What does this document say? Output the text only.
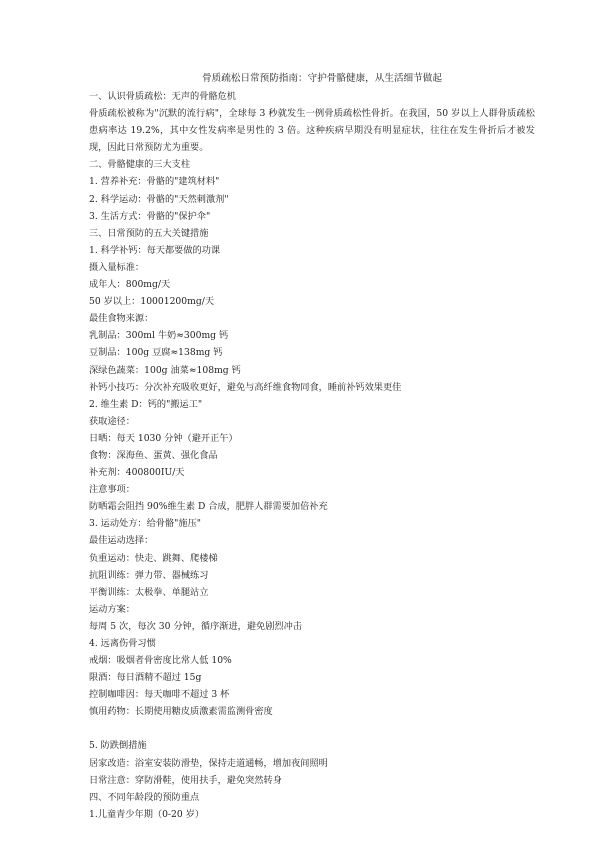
骨质疏松日常预防指南：守护骨骼健康，从生活细节做起
一、认识骨质疏松：无声的骨骼危机
骨质疏松被称为"沉默的流行病"，全球每 3 秒就发生一例骨质疏松性骨折。在我国，50 岁以上人群骨质疏松患病率达 19.2%，其中女性发病率是男性的 3 倍。这种疾病早期没有明显症状，往往在发生骨折后才被发现，因此日常预防尤为重要。
二、骨骼健康的三大支柱
1. 营养补充：骨骼的"建筑材料"
2. 科学运动：骨骼的"天然刺激剂"
3. 生活方式：骨骼的"保护伞"
三、日常预防的五大关键措施
1. 科学补钙：每天都要做的功课
摄入量标准：
成年人：800mg/天
50 岁以上：10001200mg/天
最佳食物来源：
乳制品：300ml 牛奶≈300mg 钙
豆制品：100g 豆腐≈138mg 钙
深绿色蔬菜：100g 油菜≈108mg 钙
补钙小技巧：分次补充吸收更好，避免与高纤维食物同食，睡前补钙效果更佳
2. 维生素 D：钙的"搬运工"
获取途径：
日晒：每天 1030 分钟（避开正午）
食物：深海鱼、蛋黄、强化食品
补充剂：400800IU/天
注意事项：
防晒霜会阻挡 90%维生素 D 合成，肥胖人群需要加倍补充
3. 运动处方：给骨骼"施压"
最佳运动选择：
负重运动：快走、跳舞、爬楼梯
抗阻训练：弹力带、器械练习
平衡训练：太极拳、单腿站立
运动方案：
每周 5 次，每次 30 分钟，循序渐进，避免剧烈冲击
4. 远离伤骨习惯
戒烟：吸烟者骨密度比常人低 10%
限酒：每日酒精不超过 15g
控制咖啡因：每天咖啡不超过 3 杯
慎用药物：长期使用糖皮质激素需监测骨密度
5. 防跌倒措施
居家改造：浴室安装防滑垫，保持走道通畅，增加夜间照明
日常注意：穿防滑鞋，使用扶手，避免突然转身
四、不同年龄段的预防重点
1.儿童青少年期（0-20 岁）
